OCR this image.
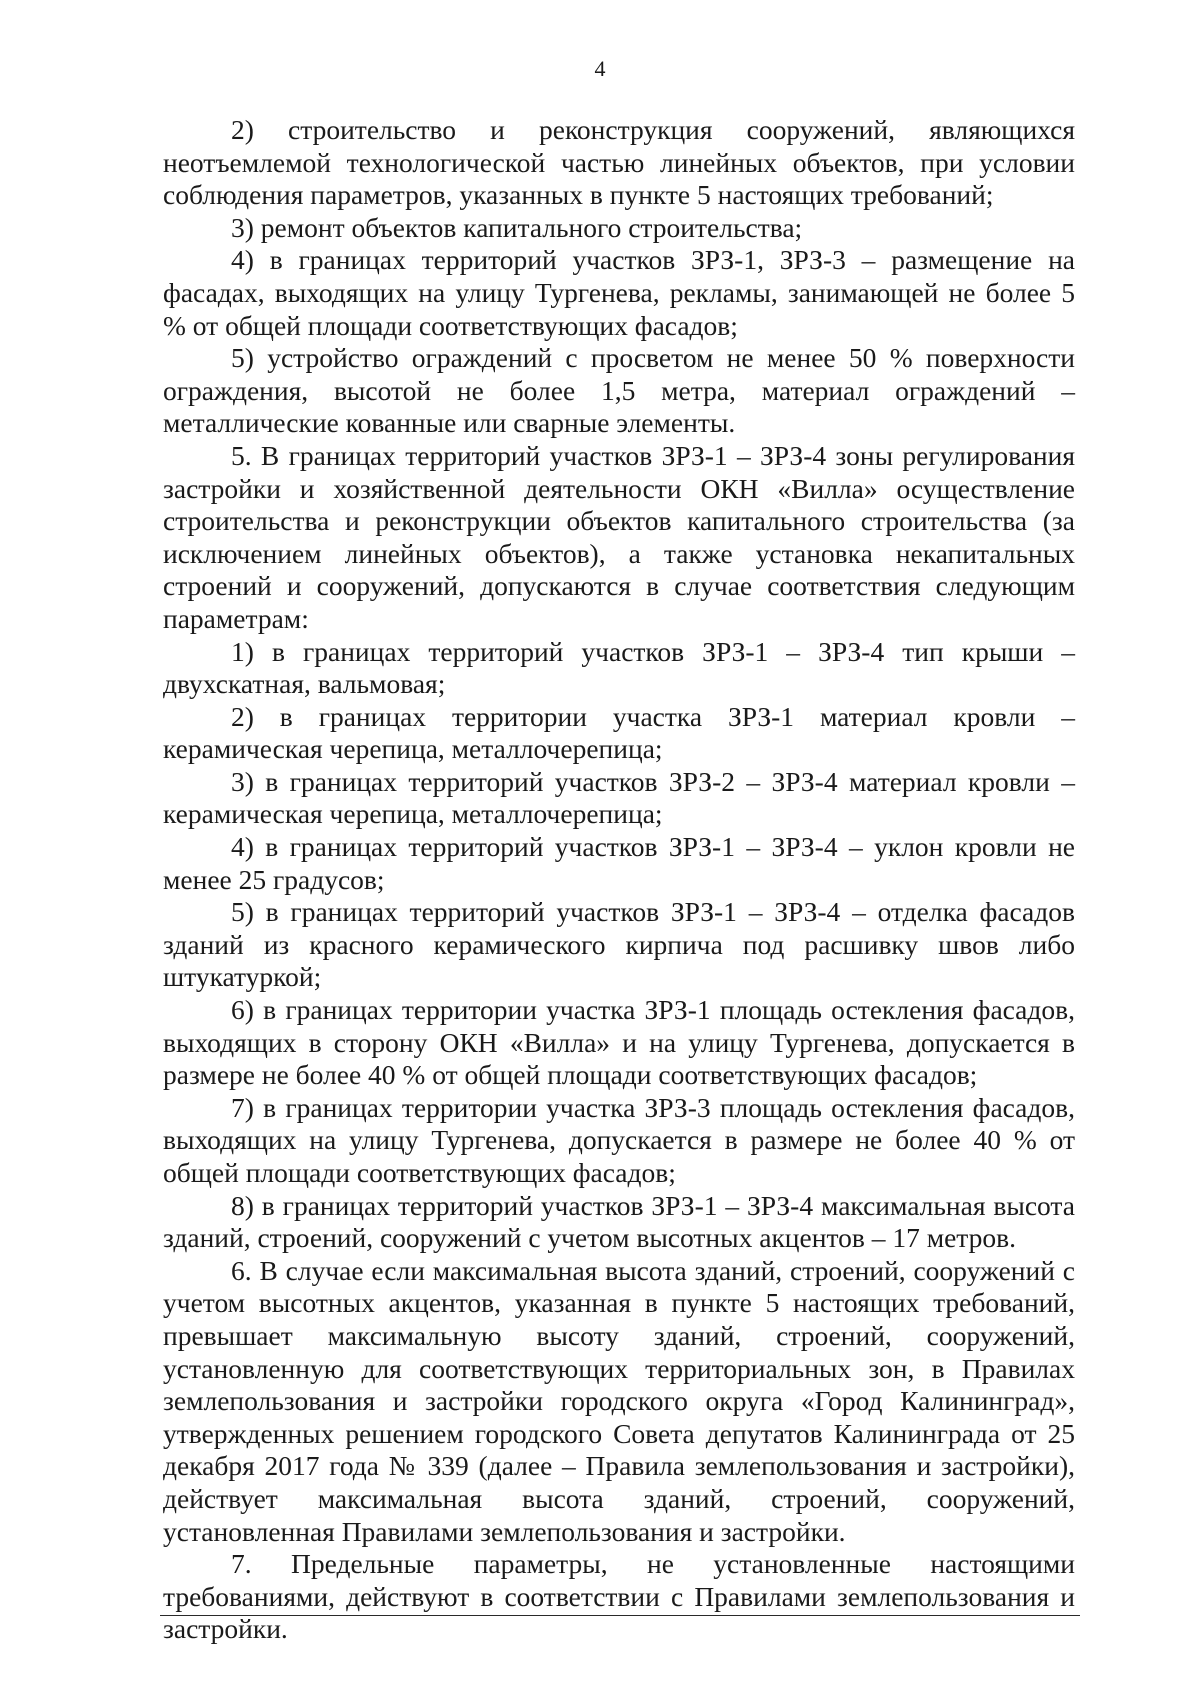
4

2) строительство и реконструкция сооружений, являющихся неотъемлемой технологической частью линейных объектов, при условии соблюдения параметров, указанных в пункте 5 настоящих требований;

3) ремонт объектов капитального строительства;

4) в границах территорий участков ЗРЗ-1, ЗРЗ-3 – размещение на фасадах, выходящих на улицу Тургенева, рекламы, занимающей не более 5 % от общей площади соответствующих фасадов;

5) устройство ограждений с просветом не менее 50 % поверхности ограждения, высотой не более 1,5 метра, материал ограждений – металлические кованные или сварные элементы.

5. В границах территорий участков ЗРЗ-1 – ЗРЗ-4 зоны регулирования застройки и хозяйственной деятельности ОКН «Вилла» осуществление строительства и реконструкции объектов капитального строительства (за исключением линейных объектов), а также установка некапитальных строений и сооружений, допускаются в случае соответствия следующим параметрам:

1) в границах территорий участков ЗРЗ-1 – ЗРЗ-4 тип крыши – двухскатная, вальмовая;

2) в границах территории участка ЗРЗ-1 материал кровли – керамическая черепица, металлочерепица;

3) в границах территорий участков ЗРЗ-2 – ЗРЗ-4 материал кровли – керамическая черепица, металлочерепица;

4) в границах территорий участков ЗРЗ-1 – ЗРЗ-4 – уклон кровли не менее 25 градусов;

5) в границах территорий участков ЗРЗ-1 – ЗРЗ-4 – отделка фасадов зданий из красного керамического кирпича под расшивку швов либо штукатуркой;

6) в границах территории участка ЗРЗ-1 площадь остекления фасадов, выходящих в сторону ОКН «Вилла» и на улицу Тургенева, допускается в размере не более 40 % от общей площади соответствующих фасадов;

7) в границах территории участка ЗРЗ-3 площадь остекления фасадов, выходящих на улицу Тургенева, допускается в размере не более 40 % от общей площади соответствующих фасадов;

8) в границах территорий участков ЗРЗ-1 – ЗРЗ-4 максимальная высота зданий, строений, сооружений с учетом высотных акцентов – 17 метров.

6. В случае если максимальная высота зданий, строений, сооружений с учетом высотных акцентов, указанная в пункте 5 настоящих требований, превышает максимальную высоту зданий, строений, сооружений, установленную для соответствующих территориальных зон, в Правилах землепользования и застройки городского округа «Город Калининград», утвержденных решением городского Совета депутатов Калининграда от 25 декабря 2017 года № 339 (далее – Правила землепользования и застройки), действует максимальная высота зданий, строений, сооружений, установленная Правилами землепользования и застройки.

7. Предельные параметры, не установленные настоящими требованиями, действуют в соответствии с Правилами землепользования и застройки.
